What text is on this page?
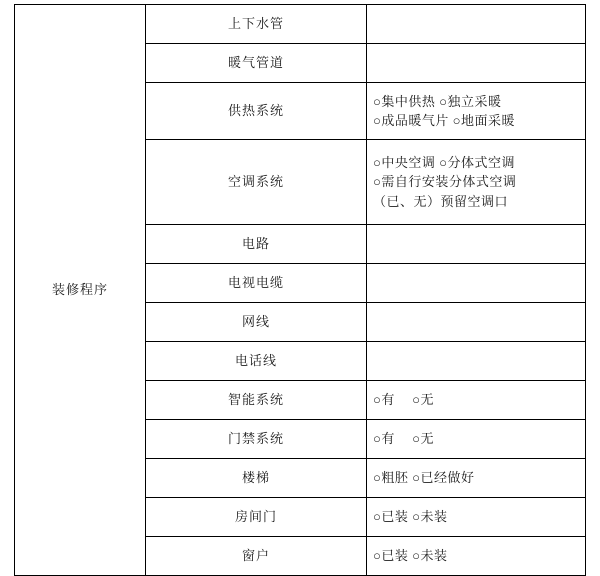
装修程序	上下水管	
	暖气管道	
	供热系统	○集中供热 ○独立采暖
○成品暖气片 ○地面采暖

	空调系统	○中央空调 ○分体式空调
○需自行安装分体式空调
（已、无）预留空调口

	电路	
	电视电缆	
	网线	
	电话线	
	智能系统	○有　 ○无

	门禁系统	○有　 ○无

	楼梯	○粗胚 ○已经做好

	房间门	○已装 ○未装

	窗户	○已装 ○未装
